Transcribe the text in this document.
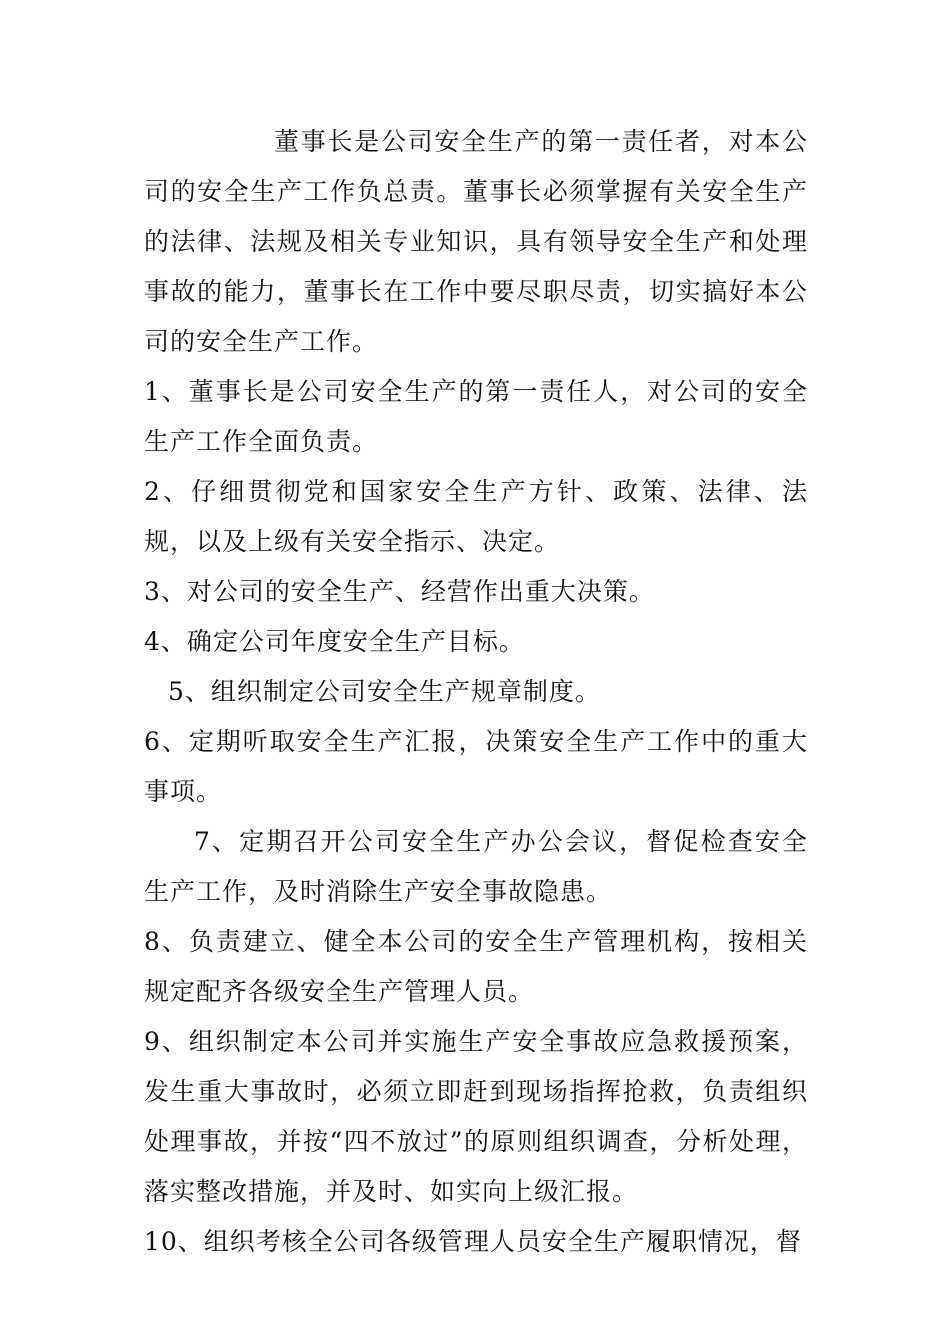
董事长是公司安全生产的第一责任者，对本公司的安全生产工作负总责。董事长必须掌握有关安全生产的法律、法规及相关专业知识，具有领导安全生产和处理事故的能力，董事长在工作中要尽职尽责，切实搞好本公司的安全生产工作。

1、董事长是公司安全生产的第一责任人，对公司的安全生产工作全面负责。

2、仔细贯彻党和国家安全生产方针、政策、法律、法规，以及上级有关安全指示、决定。

3、对公司的安全生产、经营作出重大决策。

4、确定公司年度安全生产目标。

5、组织制定公司安全生产规章制度。

6、定期听取安全生产汇报，决策安全生产工作中的重大事项。

7、定期召开公司安全生产办公会议，督促检查安全生产工作，及时消除生产安全事故隐患。

8、负责建立、健全本公司的安全生产管理机构，按相关规定配齐各级安全生产管理人员。

9、组织制定本公司并实施生产安全事故应急救援预案，发生重大事故时，必须立即赶到现场指挥抢救，负责组织处理事故，并按“四不放过”的原则组织调查，分析处理，落实整改措施，并及时、如实向上级汇报。

10、组织考核全公司各级管理人员安全生产履职情况，督
